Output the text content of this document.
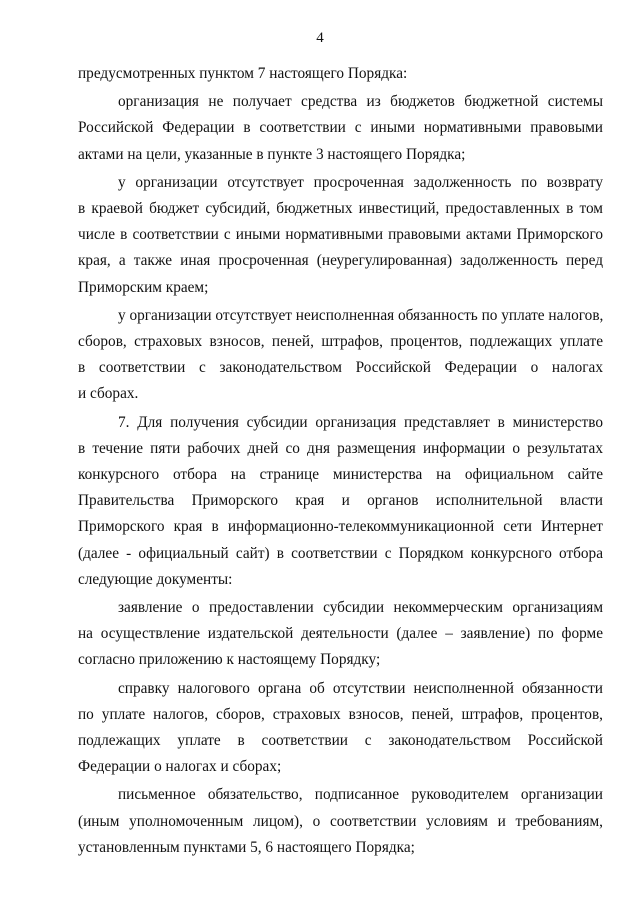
4

предусмотренных пунктом 7 настоящего Порядка:

организация не получает средства из бюджетов бюджетной системы
Российской Федерации в соответствии с иными нормативными правовыми
актами на цели, указанные в пункте 3 настоящего Порядка;

у организации отсутствует просроченная задолженность по возврату
в краевой бюджет субсидий, бюджетных инвестиций, предоставленных в том
числе в соответствии с иными нормативными правовыми актами Приморского
края, а также иная просроченная (неурегулированная) задолженность перед
Приморским краем;

у организации отсутствует неисполненная обязанность по уплате налогов,
сборов, страховых взносов, пеней, штрафов, процентов, подлежащих уплате
в соответствии с законодательством Российской Федерации о налогах
и сборах.

7. Для получения субсидии организация представляет в министерство
в течение пяти рабочих дней со дня размещения информации о результатах
конкурсного отбора на странице министерства на официальном сайте
Правительства Приморского края и органов исполнительной власти
Приморского края в информационно-телекоммуникационной сети Интернет
(далее - официальный сайт) в соответствии с Порядком конкурсного отбора
следующие документы:

заявление о предоставлении субсидии некоммерческим организациям
на осуществление издательской деятельности (далее – заявление) по форме
согласно приложению к настоящему Порядку;

справку налогового органа об отсутствии неисполненной обязанности
по уплате налогов, сборов, страховых взносов, пеней, штрафов, процентов,
подлежащих уплате в соответствии с законодательством Российской
Федерации о налогах и сборах;

письменное обязательство, подписанное руководителем организации
(иным уполномоченным лицом), о соответствии условиям и требованиям,
установленным пунктами 5, 6 настоящего Порядка;
